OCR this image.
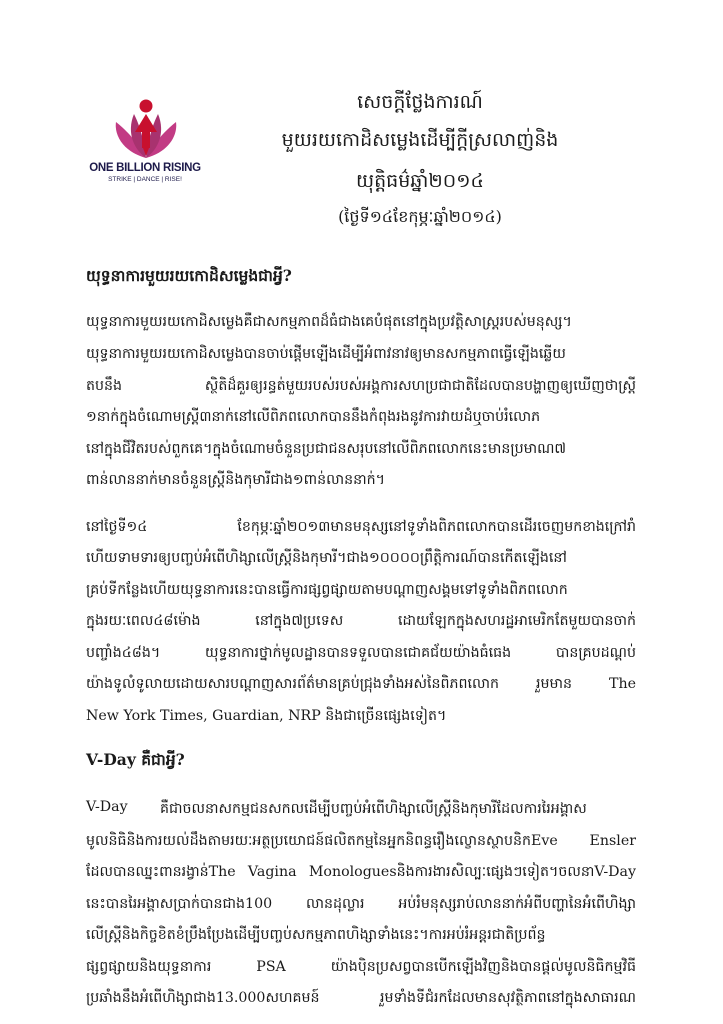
ONE BILLION RISING
STRIKE | DANCE | RISE!
សេចក្តីថ្លែងការណ៍
មួយរយកោដិសម្លេងដើម្បីក្តីស្រលាញ់និង
យុត្តិធម៌ឆ្នាំ២០១៤
(ថ្ងៃទី១៤ខែកុម្ភៈឆ្នាំ២០១៤)
យុទ្ធនាការមួយរយកោដិសម្លេងជាអ្វី?
យុទ្ធនាការមួយរយកោដិសម្លេងគឺជាសកម្មភាពដ៏ធំជាងគេបំផុតនៅក្នុងប្រវត្តិសាស្ត្ររបស់មនុស្ស។
យុទ្ធនាការមួយរយកោដិសម្លេងបានចាប់ផ្តើមឡើងដើម្បីអំពាវនាវឲ្យមានសកម្មភាពធ្វើឡើងឆ្លើយ
តបនឹង ស្ថិតិដ៏គួរឲ្យរន្ធត់មួយរបស់របស់អង្គការសហប្រជាជាតិដែលបានបង្ហាញឲ្យឃើញថាស្រ្តី
១នាក់ក្នុងចំណោមស្រ្តី៣នាក់នៅលើពិភពលោកបាននឹងកំពុងរងនូវការវាយដំឬចាប់រំលោភ
នៅក្នុងជីវិតរបស់ពួកគេ។ក្នុងចំណោមចំនួនប្រជាជនសរុបនៅលើពិភពលោកនេះមានប្រមាណ៧
ពាន់លាននាក់មានចំនួនស្រ្តីនិងកុមារីជាង១ពាន់លាននាក់។
នៅថ្ងៃទី១៤ ខែកុម្ភៈឆ្នាំ២០១៣មានមនុស្សនៅទូទាំងពិភពលោកបានដើរចេញមកខាងក្រៅរាំ
ហើយទាមទារឲ្យបញ្ចប់អំពើហិង្សាលើស្រ្តីនិងកុមារី។ជាង១០០០០ព្រឹត្តិការណ៍បានកើតឡើងនៅ
គ្រប់ទីកន្លែងហើយយុទ្ធនាការនេះបានធ្វើការផ្សព្វផ្សាយតាមបណ្តាញសង្គមទៅទូទាំងពិភពលោក
ក្នុងរយៈពេល៤៨ម៉ោង នៅក្នុង៧ប្រទេស ដោយឡែកក្នុងសហរដ្ឋអាមេរិកតែមួយបានចាក់
បញ្ចាំង៤៨ង។ យុទ្ធនាការថ្នាក់មូលដ្ឋានបានទទួលបានជោគជ័យយ៉ាងធំធេង បានគ្របដណ្តប់
យ៉ាងទូលំទូលាយដោយសារបណ្តាញសារព័ត៌មានគ្រប់ជ្រុងទាំងអស់នៃពិភពលោក រួមមាន The
New York Times, Guardian, NRP និងជាច្រើនផ្សេងទៀត។
V-Day គឺជាអ្វី?
V-Day គឺជាចលនាសកម្មជនសកលដើម្បីបញ្ចប់អំពើហិង្សាលើស្រ្តីនិងកុមារីដែលការរៃអង្គាស
មូលនិធិនិងការយល់ដឹងតាមរយៈអត្ថប្រយោជន៍ផលិតកម្មនៃអ្នកនិពន្ធរឿងល្ខោនស្ថាបនិកEve Ensler
ដែលបានឈ្នះពានរង្វាន់The Vagina Monologuesនិងការងារសិល្បៈផ្សេងៗទៀត។ចលនាV-Day
នេះបានរៃអង្គាសប្រាក់បានជាង100 លានដុល្លារ អប់រំមនុស្សរាប់លាននាក់អំពីបញ្ហានៃអំពើហិង្សា
លើស្រ្តីនិងកិច្ចខិតខំប្រឹងប្រែងដើម្បីបញ្ចប់សកម្មភាពហិង្សាទាំងនេះ។ការអប់រំអន្តរជាតិប្រព័ន្ធ
ផ្សព្វផ្សាយនិងយុទ្ធនាការ PSA យ៉ាងប៉ិនប្រសព្វបានបើកឡើងវិញនិងបានផ្តល់មូលនិធិកម្មវិធី
ប្រឆាំងនឹងអំពើហិង្សាជាង13.000សហគមន៍ រួមទាំងទីជំរកដែលមានសុវត្ថិភាពនៅក្នុងសាធារណ
